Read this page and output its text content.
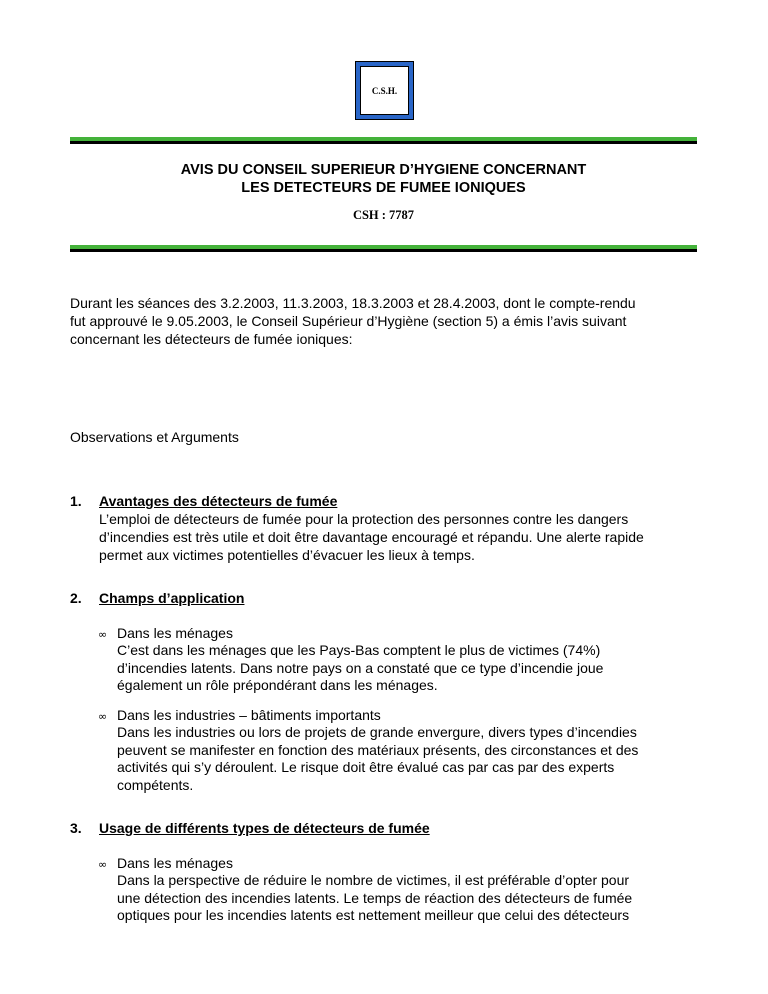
C.S.H.
AVIS DU CONSEIL SUPERIEUR D’HYGIENE CONCERNANT
LES DETECTEURS DE FUMEE IONIQUES
CSH : 7787
Durant les séances des 3.2.2003, 11.3.2003, 18.3.2003 et 28.4.2003, dont le compte-rendu
fut approuvé le 9.05.2003, le Conseil Supérieur d’Hygiène (section 5) a émis l’avis suivant
concernant les détecteurs de fumée ioniques:
Observations et Arguments
1. Avantages des détecteurs de fumée
L’emploi de détecteurs de fumée pour la protection des personnes contre les dangers
d’incendies est très utile et doit être davantage encouragé et répandu. Une alerte rapide
permet aux victimes potentielles d’évacuer les lieux à temps.
2. Champs d’application
∞ Dans les ménages
C’est dans les ménages que les Pays-Bas comptent le plus de victimes (74%)
d’incendies latents. Dans notre pays on a constaté que ce type d’incendie joue
également un rôle prépondérant dans les ménages.
∞ Dans les industries – bâtiments importants
Dans les industries ou lors de projets de grande envergure, divers types d’incendies
peuvent se manifester en fonction des matériaux présents, des circonstances et des
activités qui s’y déroulent. Le risque doit être évalué cas par cas par des experts
compétents.
3. Usage de différents types de détecteurs de fumée
∞ Dans les ménages
Dans la perspective de réduire le nombre de victimes, il est préférable d’opter pour
une détection des incendies latents. Le temps de réaction des détecteurs de fumée
optiques pour les incendies latents est nettement meilleur que celui des détecteurs
